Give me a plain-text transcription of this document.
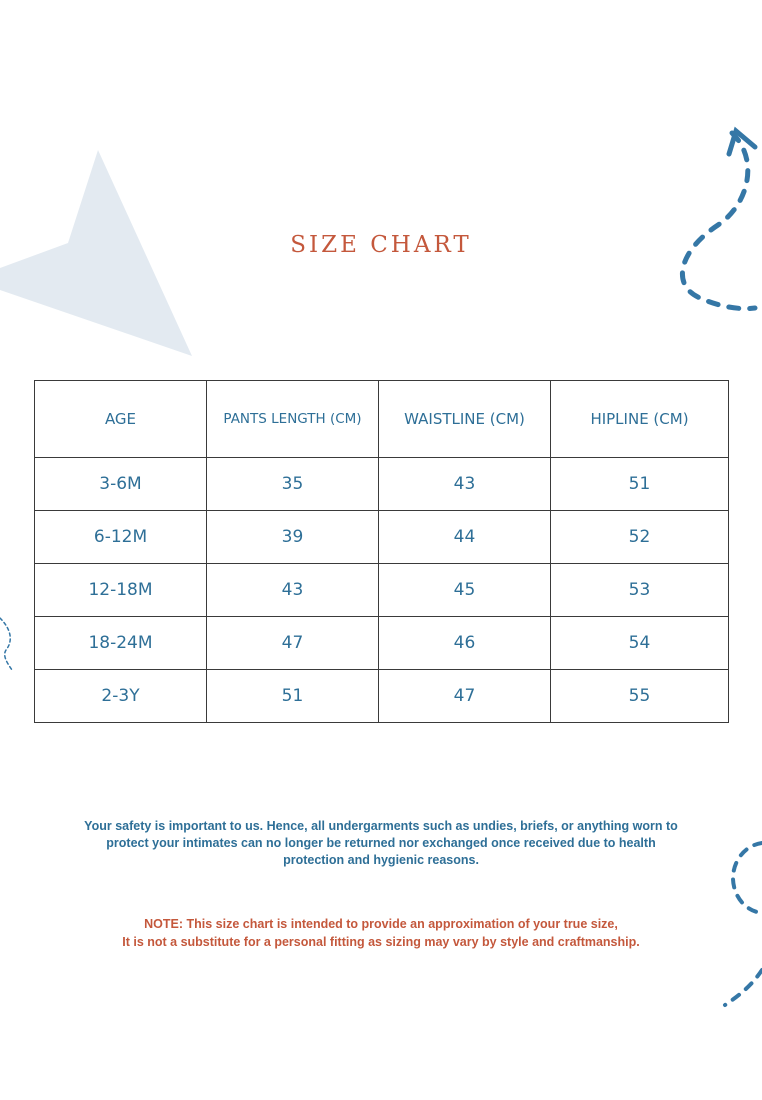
SIZE CHART
AGE	PANTS LENGTH (CM)	WAISTLINE (CM)	HIPLINE (CM)
3-6M	35	43	51
6-12M	39	44	52
12-18M	43	45	53
18-24M	47	46	54
2-3Y	51	47	55
Your safety is important to us. Hence, all undergarments such as undies, briefs, or anything worn to
protect your intimates can no longer be returned nor exchanged once received due to health
protection and hygienic reasons.
NOTE: This size chart is intended to provide an approximation of your true size,
It is not a substitute for a personal fitting as sizing may vary by style and craftmanship.
